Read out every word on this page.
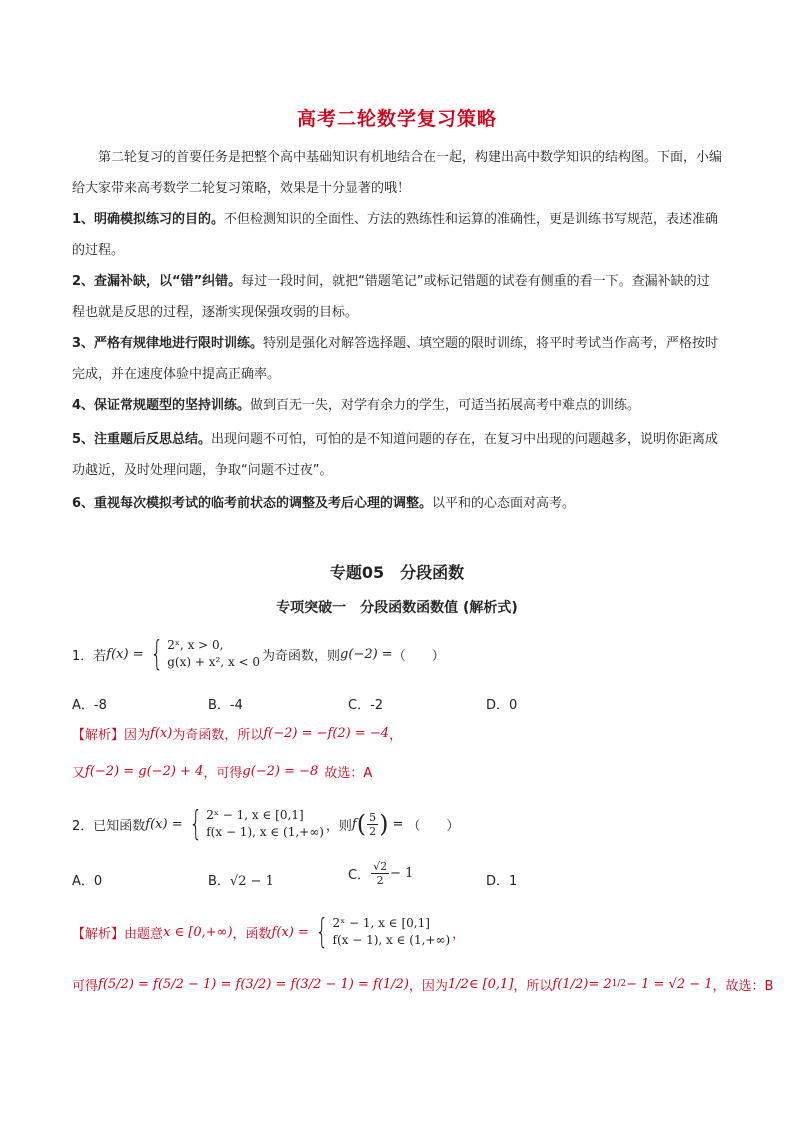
高考二轮数学复习策略
第二轮复习的首要任务是把整个高中基础知识有机地结合在一起，构建出高中数学知识的结构图。下面，小编给大家带来高考数学二轮复习策略，效果是十分显著的哦！
1、明确模拟练习的目的。不但检测知识的全面性、方法的熟练性和运算的准确性，更是训练书写规范，表述准确的过程。
2、查漏补缺，以“错”纠错。每过一段时间，就把“错题笔记”或标记错题的试卷有侧重的看一下。查漏补缺的过程也就是反思的过程，逐渐实现保强攻弱的目标。
3、严格有规律地进行限时训练。特别是强化对解答选择题、填空题的限时训练，将平时考试当作高考，严格按时完成，并在速度体验中提高正确率。
4、保证常规题型的坚持训练。做到百无一失，对学有余力的学生，可适当拓展高考中难点的训练。
5、注重题后反思总结。出现问题不可怕，可怕的是不知道问题的存在，在复习中出现的问题越多，说明你距离成功越近，及时处理问题，争取“问题不过夜”。
6、重视每次模拟考试的临考前状态的调整及考后心理的调整。以平和的心态面对高考。
专题05　分段函数
专项突破一　分段函数函数值 (解析式)
1．若 f(x) = { 2ˣ, x > 0,
g(x) + x², x < 0 为奇函数，则 g(−2) = （　　）
A．-8	B．-4	C．-2	D．0
【解析】 因为 f(x) 为奇函数，所以 f(−2) = −f(2) = −4 ，
又 f(−2) = g(−2) + 4 ，可得 g(−2) = −8 故选：A
2．已知函数 f(x) = { 2ˣ − 1, x ∈ [0,1]
f(x − 1), x ∈ (1,+∞) ，则 f ( $\frac{5}{2}$ ) = （　　）
A．0	B．√2 − 1	C． $\frac{√2}{2} - 1$
D．1
【解析】 由题意 x ∈ [0,+∞) ，函数 f(x) = { 2ˣ − 1, x ∈ [0,1]
f(x − 1), x ∈ (1,+∞) ，
可得 f(5/2) = f(5/2 − 1) = f(3/2) = f(3/2 − 1) = f(1/2) ，因为 1/2 ∈ [0,1] ，所以 f(1/2) = 2 1/2 − 1 = √2 − 1 ，故选：B
